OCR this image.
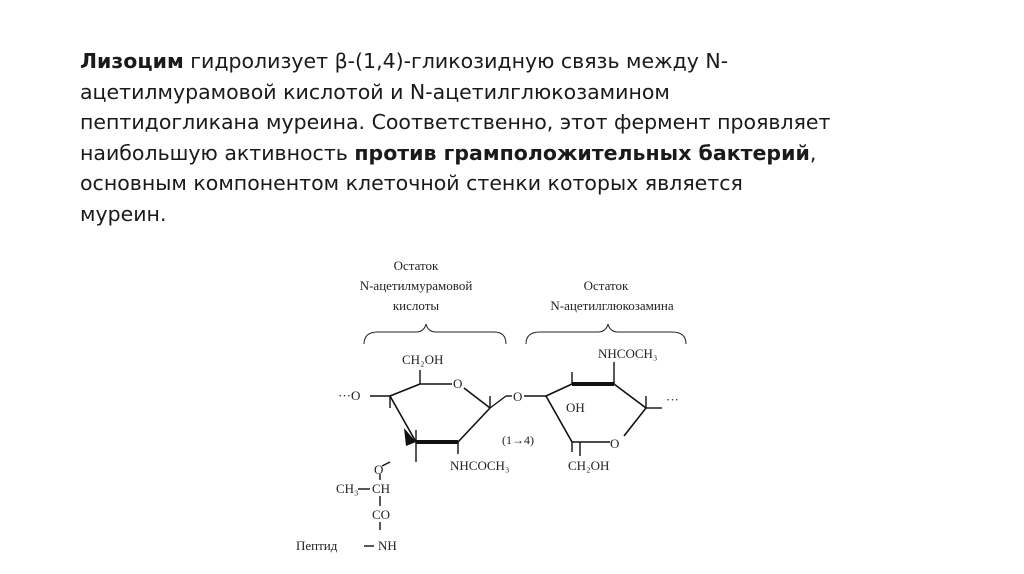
Лизоцим гидролизует β-(1,4)-гликозидную связь между N-
ацетилмурамовой кислотой и N-ацетилглюкозамином
пептидогликана муреина. Соответственно, этот фермент проявляет
наибольшую активность против грамположительных бактерий,
основным компонентом клеточной стенки которых является
муреин.

Остаток
N-ацетилмурамовой
кислоты
Остаток
N-ацетилглюкозамина
CH₂OH
O
···O
NHCOCH₃
O
CH₃ CH
CO
Пептид	NH
O
(1→4)
NHCOCH₃
OH
O
CH₂OH
···
